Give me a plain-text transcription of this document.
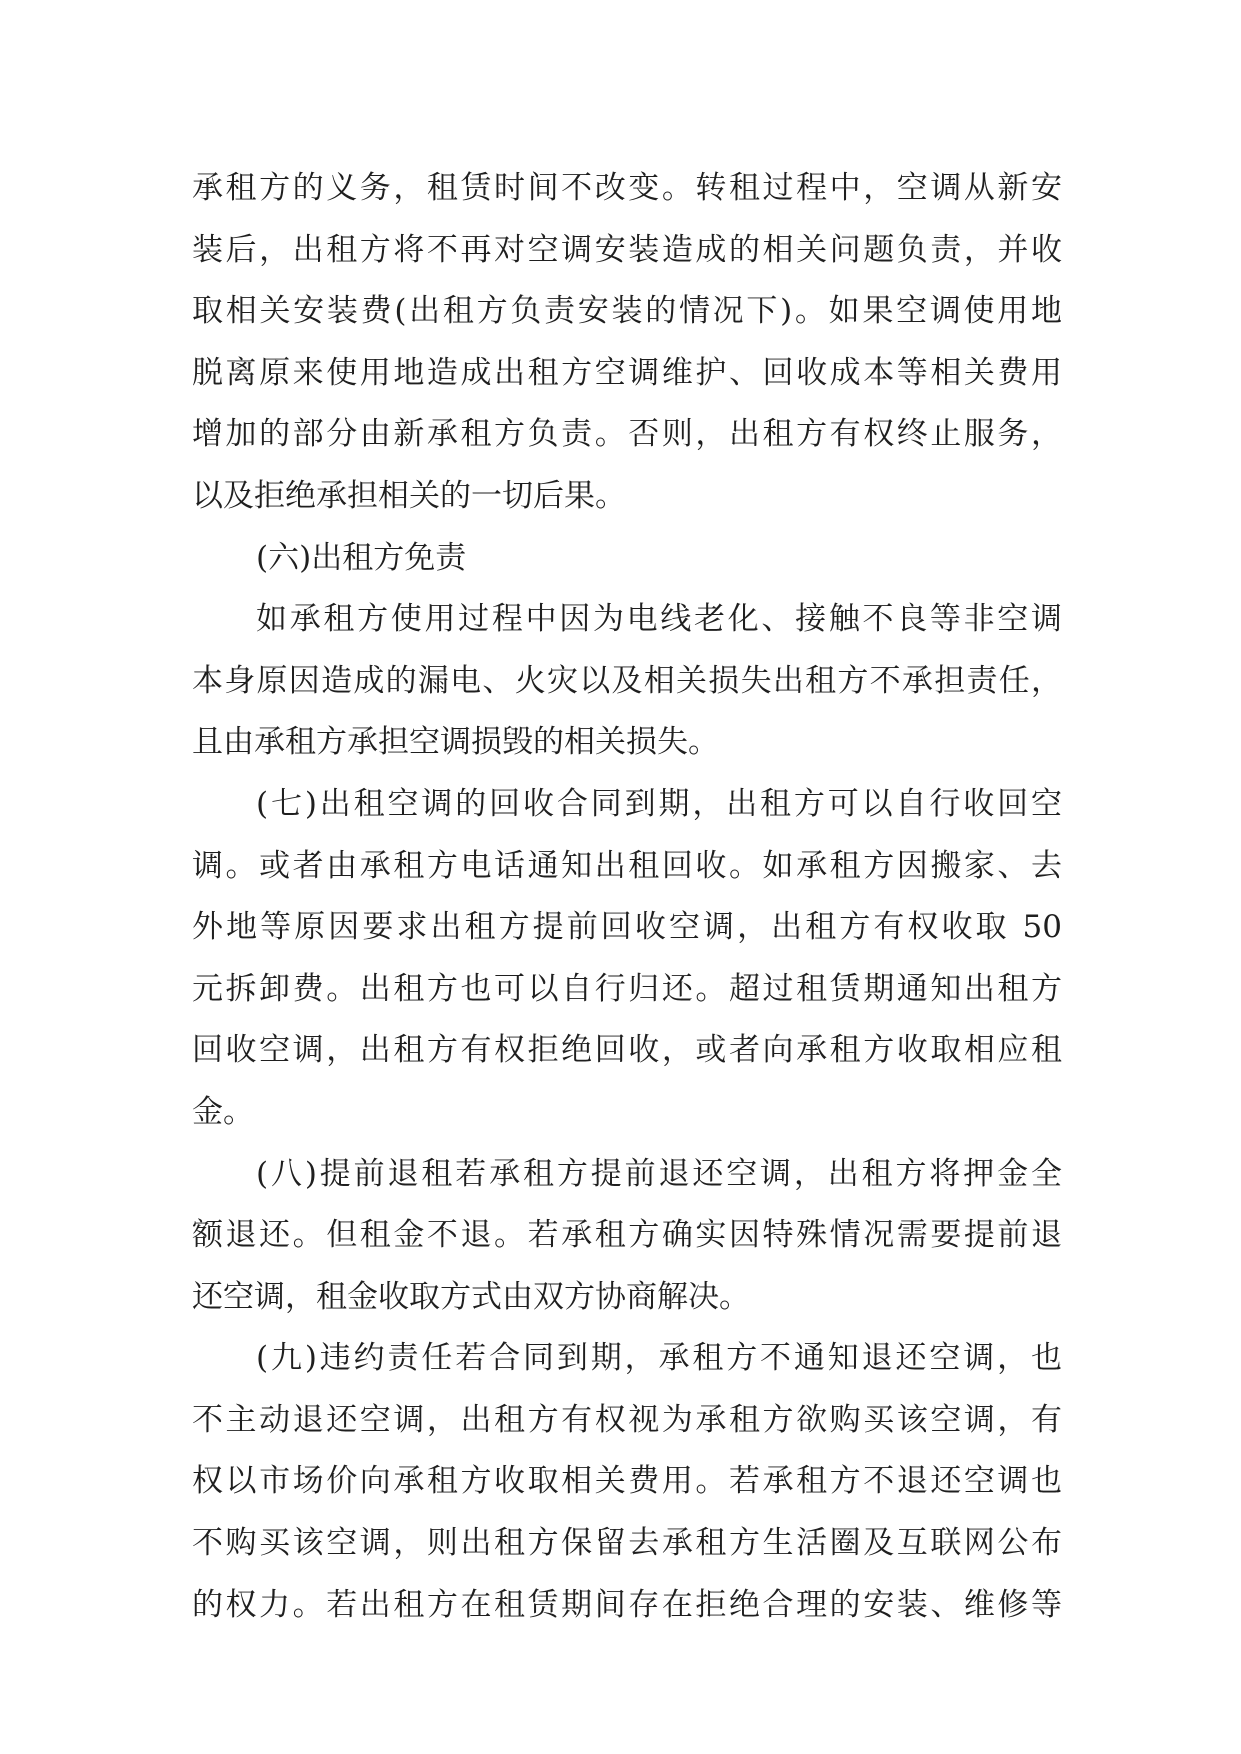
承租方的义务，租赁时间不改变。转租过程中，空调从新安
装后，出租方将不再对空调安装造成的相关问题负责，并收
取相关安装费(出租方负责安装的情况下)。如果空调使用地
脱离原来使用地造成出租方空调维护、回收成本等相关费用
增加的部分由新承租方负责。否则，出租方有权终止服务，
以及拒绝承担相关的一切后果。
(六)出租方免责
如承租方使用过程中因为电线老化、接触不良等非空调
本身原因造成的漏电、火灾以及相关损失出租方不承担责任，
且由承租方承担空调损毁的相关损失。
(七)出租空调的回收合同到期，出租方可以自行收回空
调。或者由承租方电话通知出租回收。如承租方因搬家、去
外地等原因要求出租方提前回收空调，出租方有权收取 50
元拆卸费。出租方也可以自行归还。超过租赁期通知出租方
回收空调，出租方有权拒绝回收，或者向承租方收取相应租
金。
(八)提前退租若承租方提前退还空调，出租方将押金全
额退还。但租金不退。若承租方确实因特殊情况需要提前退
还空调，租金收取方式由双方协商解决。
(九)违约责任若合同到期，承租方不通知退还空调，也
不主动退还空调，出租方有权视为承租方欲购买该空调，有
权以市场价向承租方收取相关费用。若承租方不退还空调也
不购买该空调，则出租方保留去承租方生活圈及互联网公布
的权力。若出租方在租赁期间存在拒绝合理的安装、维修等
